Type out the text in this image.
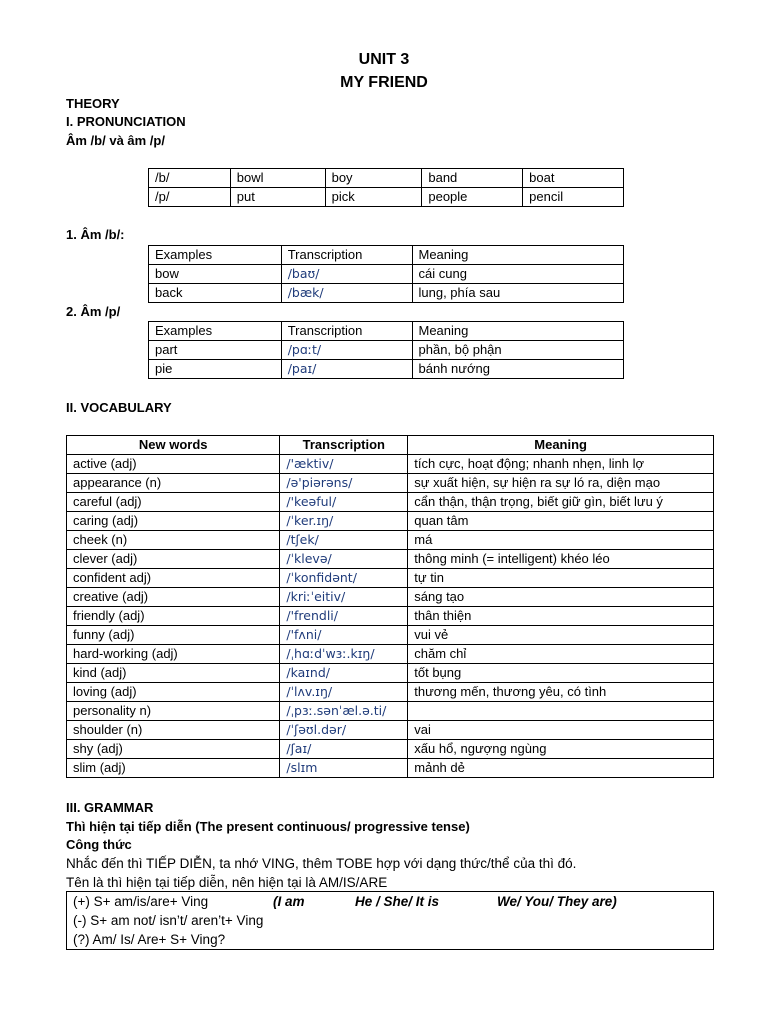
UNIT 3
MY FRIEND
THEORY
I. PRONUNCIATION
Âm /b/ và âm /p/
/b/	bowl	boy	band	boat
/p/	put	pick	people	pencil
1. Âm /b/:
Examples	Transcription	Meaning
bow	/baʊ/	cái cung
back	/bæk/	lung, phía sau
2. Âm /p/
Examples	Transcription	Meaning
part	/pɑːt/	phần, bộ phận
pie	/paɪ/	bánh nướng
II. VOCABULARY
New words	Transcription	Meaning
active (adj)	/'æktiv/	tích cực, hoạt động; nhanh nhẹn, linh lợ
appearance (n)	/ə'piərəns/	sự xuất hiện, sự hiện ra sự ló ra, diện mạo
careful (adj)	/'keəful/	cẩn thận, thận trọng, biết giữ gìn, biết lưu ý
caring (adj)	/ˈker.ɪŋ/	quan tâm
cheek (n)	/tʃek/	má
clever (adj)	/ˈklevə/	thông minh (= intelligent) khéo léo
confident adj)	/ˈkonfidənt/	tự tin
creative (adj)	/kriːˈeitiv/	sáng tạo
friendly (adj)	/'frendli/	thân thiện
funny (adj)	/'fʌni/	vui vẻ
hard-working (adj)	/ˌhɑːdˈwɜː.kɪŋ/	chăm chỉ
kind (adj)	/kaɪnd/	tốt bụng
loving (adj)	/ˈlʌv.ɪŋ/	thương mến, thương yêu, có tình
personality n)	/ˌpɜː.sənˈæl.ə.ti/	
shoulder (n)	/ˈʃəʊl.dər/	vai
shy (adj)	/ʃaɪ/	xấu hổ, ngượng ngùng
slim (adj)	/slɪm	mảnh dẻ
III. GRAMMAR
Thì hiện tại tiếp diễn (The present continuous/ progressive tense)
Công thức
Nhắc đến thì TIẾP DIỄN, ta nhớ VING, thêm TOBE hợp với dạng thức/thể của thì đó.
Tên là thì hiện tại tiếp diễn, nên hiện tại là AM/IS/ARE
(+) S+ am/is/are+ Ving	(I am	He / She/ It is	We/ You/ They are)
(-) S+ am not/ isn’t/ aren’t+ Ving
(?) Am/ Is/ Are+ S+ Ving?
